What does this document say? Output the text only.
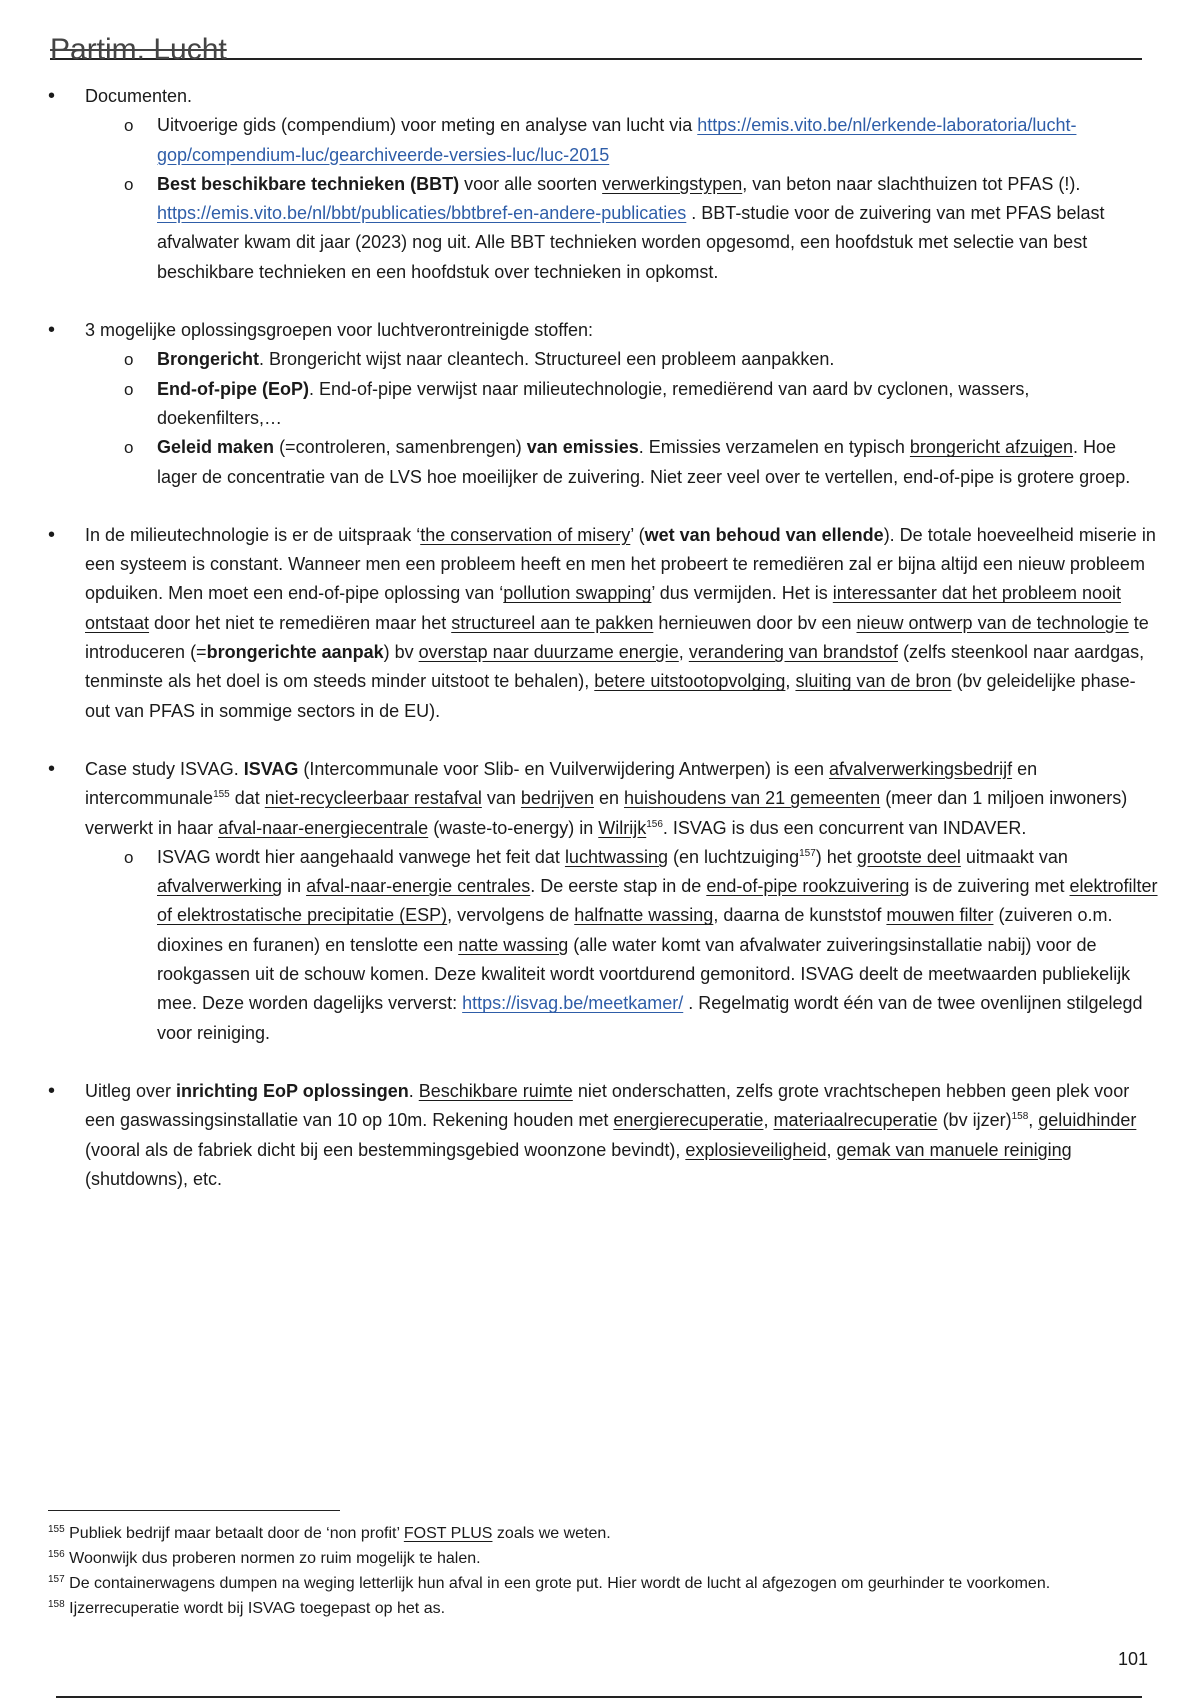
Partim. Lucht
• Documenten.
o Uitvoerige gids (compendium) voor meting en analyse van lucht via https://emis.vito.be/nl/erkende-laboratoria/lucht-gop/compendium-luc/gearchiveerde-versies-luc/luc-2015
o Best beschikbare technieken (BBT) voor alle soorten verwerkingstypen, van beton naar slachthuizen tot PFAS (!). https://emis.vito.be/nl/bbt/publicaties/bbtbref-en-andere-publicaties . BBT-studie voor de zuivering van met PFAS belast afvalwater kwam dit jaar (2023) nog uit. Alle BBT technieken worden opgesomd, een hoofdstuk met selectie van best beschikbare technieken en een hoofdstuk over technieken in opkomst.
• 3 mogelijke oplossingsgroepen voor luchtverontreinigde stoffen:
o Brongericht. Brongericht wijst naar cleantech. Structureel een probleem aanpakken.
o End-of-pipe (EoP). End-of-pipe verwijst naar milieutechnologie, remediërend van aard bv cyclonen, wassers, doekenfilters,…
o Geleid maken (=controleren, samenbrengen) van emissies. Emissies verzamelen en typisch brongericht afzuigen. Hoe lager de concentratie van de LVS hoe moeilijker de zuivering. Niet zeer veel over te vertellen, end-of-pipe is grotere groep.
• In de milieutechnologie is er de uitspraak ‘the conservation of misery’ (wet van behoud van ellende). De totale hoeveelheid miserie in een systeem is constant. Wanneer men een probleem heeft en men het probeert te remediëren zal er bijna altijd een nieuw probleem opduiken. Men moet een end-of-pipe oplossing van ‘pollution swapping’ dus vermijden. Het is interessanter dat het probleem nooit ontstaat door het niet te remediëren maar het structureel aan te pakken hernieuwen door bv een nieuw ontwerp van de technologie te introduceren (=brongerichte aanpak) bv overstap naar duurzame energie, verandering van brandstof (zelfs steenkool naar aardgas, tenminste als het doel is om steeds minder uitstoot te behalen), betere uitstootopvolging, sluiting van de bron (bv geleidelijke phase-out van PFAS in sommige sectors in de EU).
• Case study ISVAG. ISVAG (Intercommunale voor Slib- en Vuilverwijdering Antwerpen) is een afvalverwerkingsbedrijf en intercommunale$^{155}$ dat niet-recycleerbaar restafval van bedrijven en huishoudens van 21 gemeenten (meer dan 1 miljoen inwoners) verwerkt in haar afval-naar-energiecentrale (waste-to-energy) in Wilrijk$^{156}$. ISVAG is dus een concurrent van INDAVER.
o ISVAG wordt hier aangehaald vanwege het feit dat luchtwassing (en luchtzuiging$^{157}$) het grootste deel uitmaakt van afvalverwerking in afval-naar-energie centrales. De eerste stap in de end-of-pipe rookzuivering is de zuivering met elektrofilter of elektrostatische precipitatie (ESP), vervolgens de halfnatte wassing, daarna de kunststof mouwen filter (zuiveren o.m. dioxines en furanen) en tenslotte een natte wassing (alle water komt van afvalwater zuiveringsinstallatie nabij) voor de rookgassen uit de schouw komen. Deze kwaliteit wordt voortdurend gemonitord. ISVAG deelt de meetwaarden publiekelijk mee. Deze worden dagelijks ververst: https://isvag.be/meetkamer/ . Regelmatig wordt één van de twee ovenlijnen stilgelegd voor reiniging.
• Uitleg over inrichting EoP oplossingen. Beschikbare ruimte niet onderschatten, zelfs grote vrachtschepen hebben geen plek voor een gaswassingsinstallatie van 10 op 10m. Rekening houden met energierecuperatie, materiaalrecuperatie (bv ijzer)$^{158}$, geluidhinder (vooral als de fabriek dicht bij een bestemmingsgebied woonzone bevindt), explosieveiligheid, gemak van manuele reiniging (shutdowns), etc.
$^{155}$ Publiek bedrijf maar betaalt door de ‘non profit’ FOST PLUS zoals we weten.
$^{156}$ Woonwijk dus proberen normen zo ruim mogelijk te halen.
$^{157}$ De containerwagens dumpen na weging letterlijk hun afval in een grote put. Hier wordt de lucht al afgezogen om geurhinder te voorkomen.
$^{158}$ Ijzerrecuperatie wordt bij ISVAG toegepast op het as.
101
